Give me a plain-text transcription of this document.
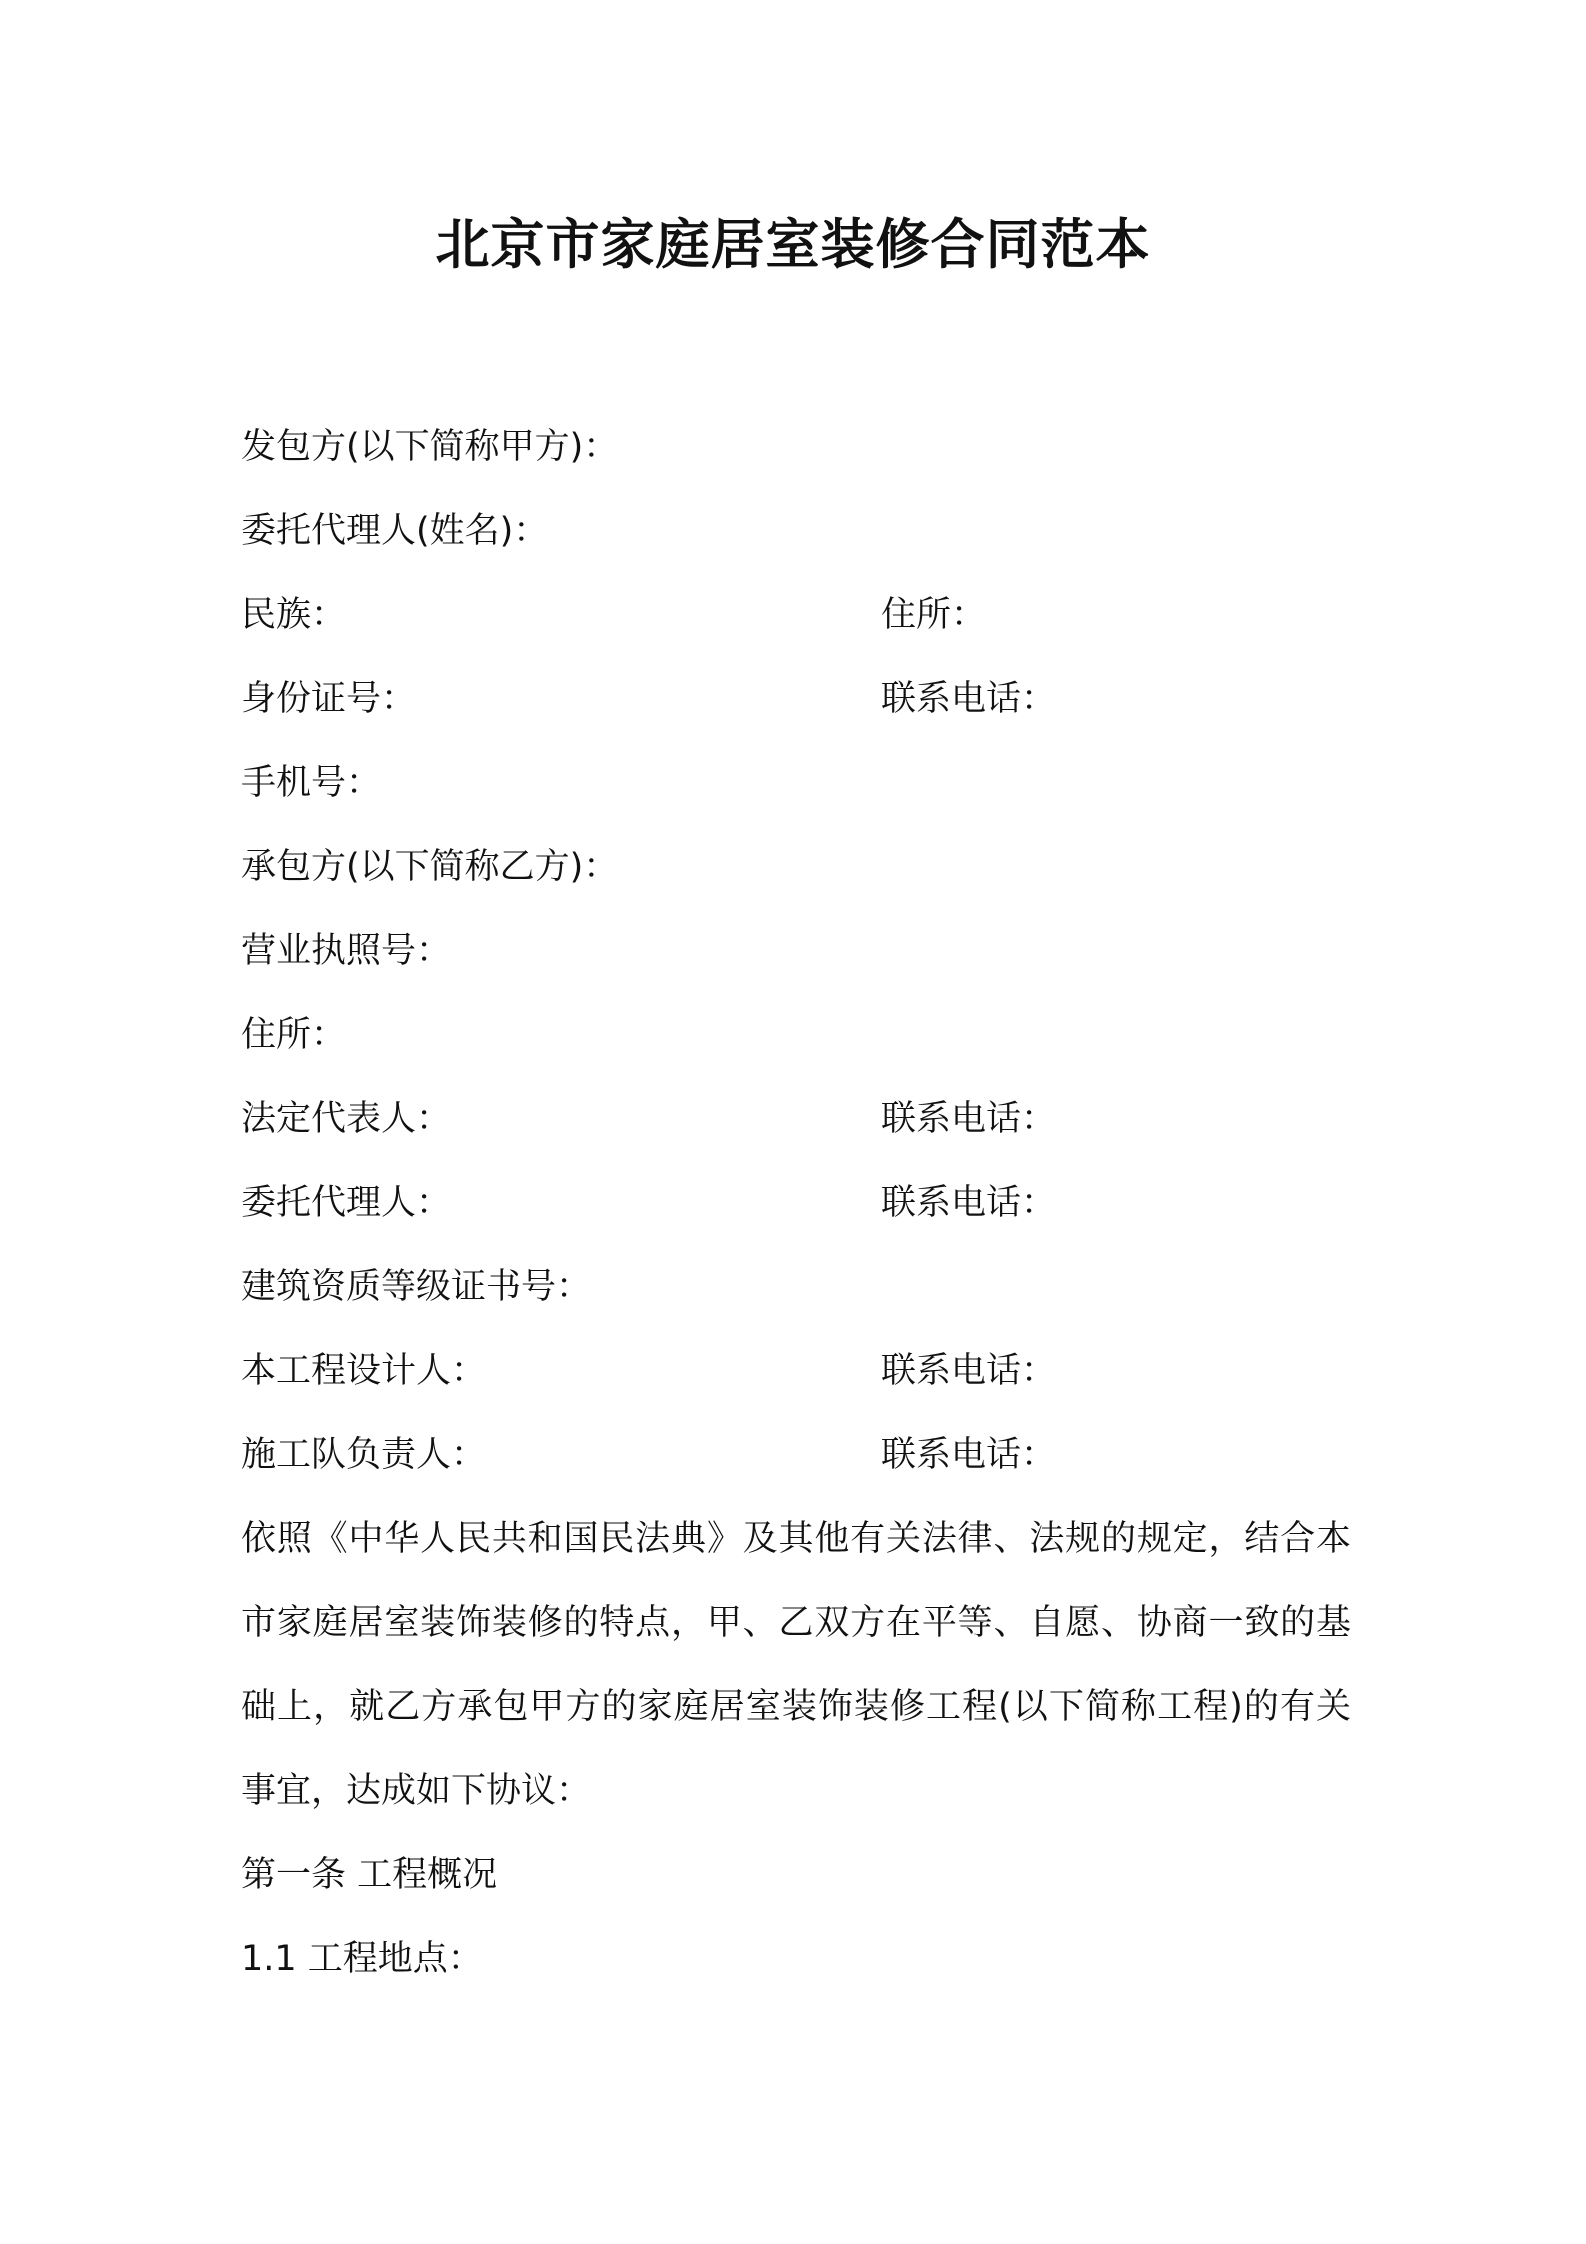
北京市家庭居室装修合同范本
发包方(以下简称甲方)：
委托代理人(姓名)：
民族：	住所：
身份证号：	联系电话：
手机号：
承包方(以下简称乙方)：
营业执照号：
住所：
法定代表人：	联系电话：
委托代理人：	联系电话：
建筑资质等级证书号：
本工程设计人：	联系电话：
施工队负责人：	联系电话：
依照《中华人民共和国民法典》及其他有关法律、法规的规定，结合本市家庭居室装饰装修的特点，甲、乙双方在平等、自愿、协商一致的基础上，就乙方承包甲方的家庭居室装饰装修工程(以下简称工程)的有关事宜，达成如下协议：
第一条 工程概况
1.1 工程地点：
